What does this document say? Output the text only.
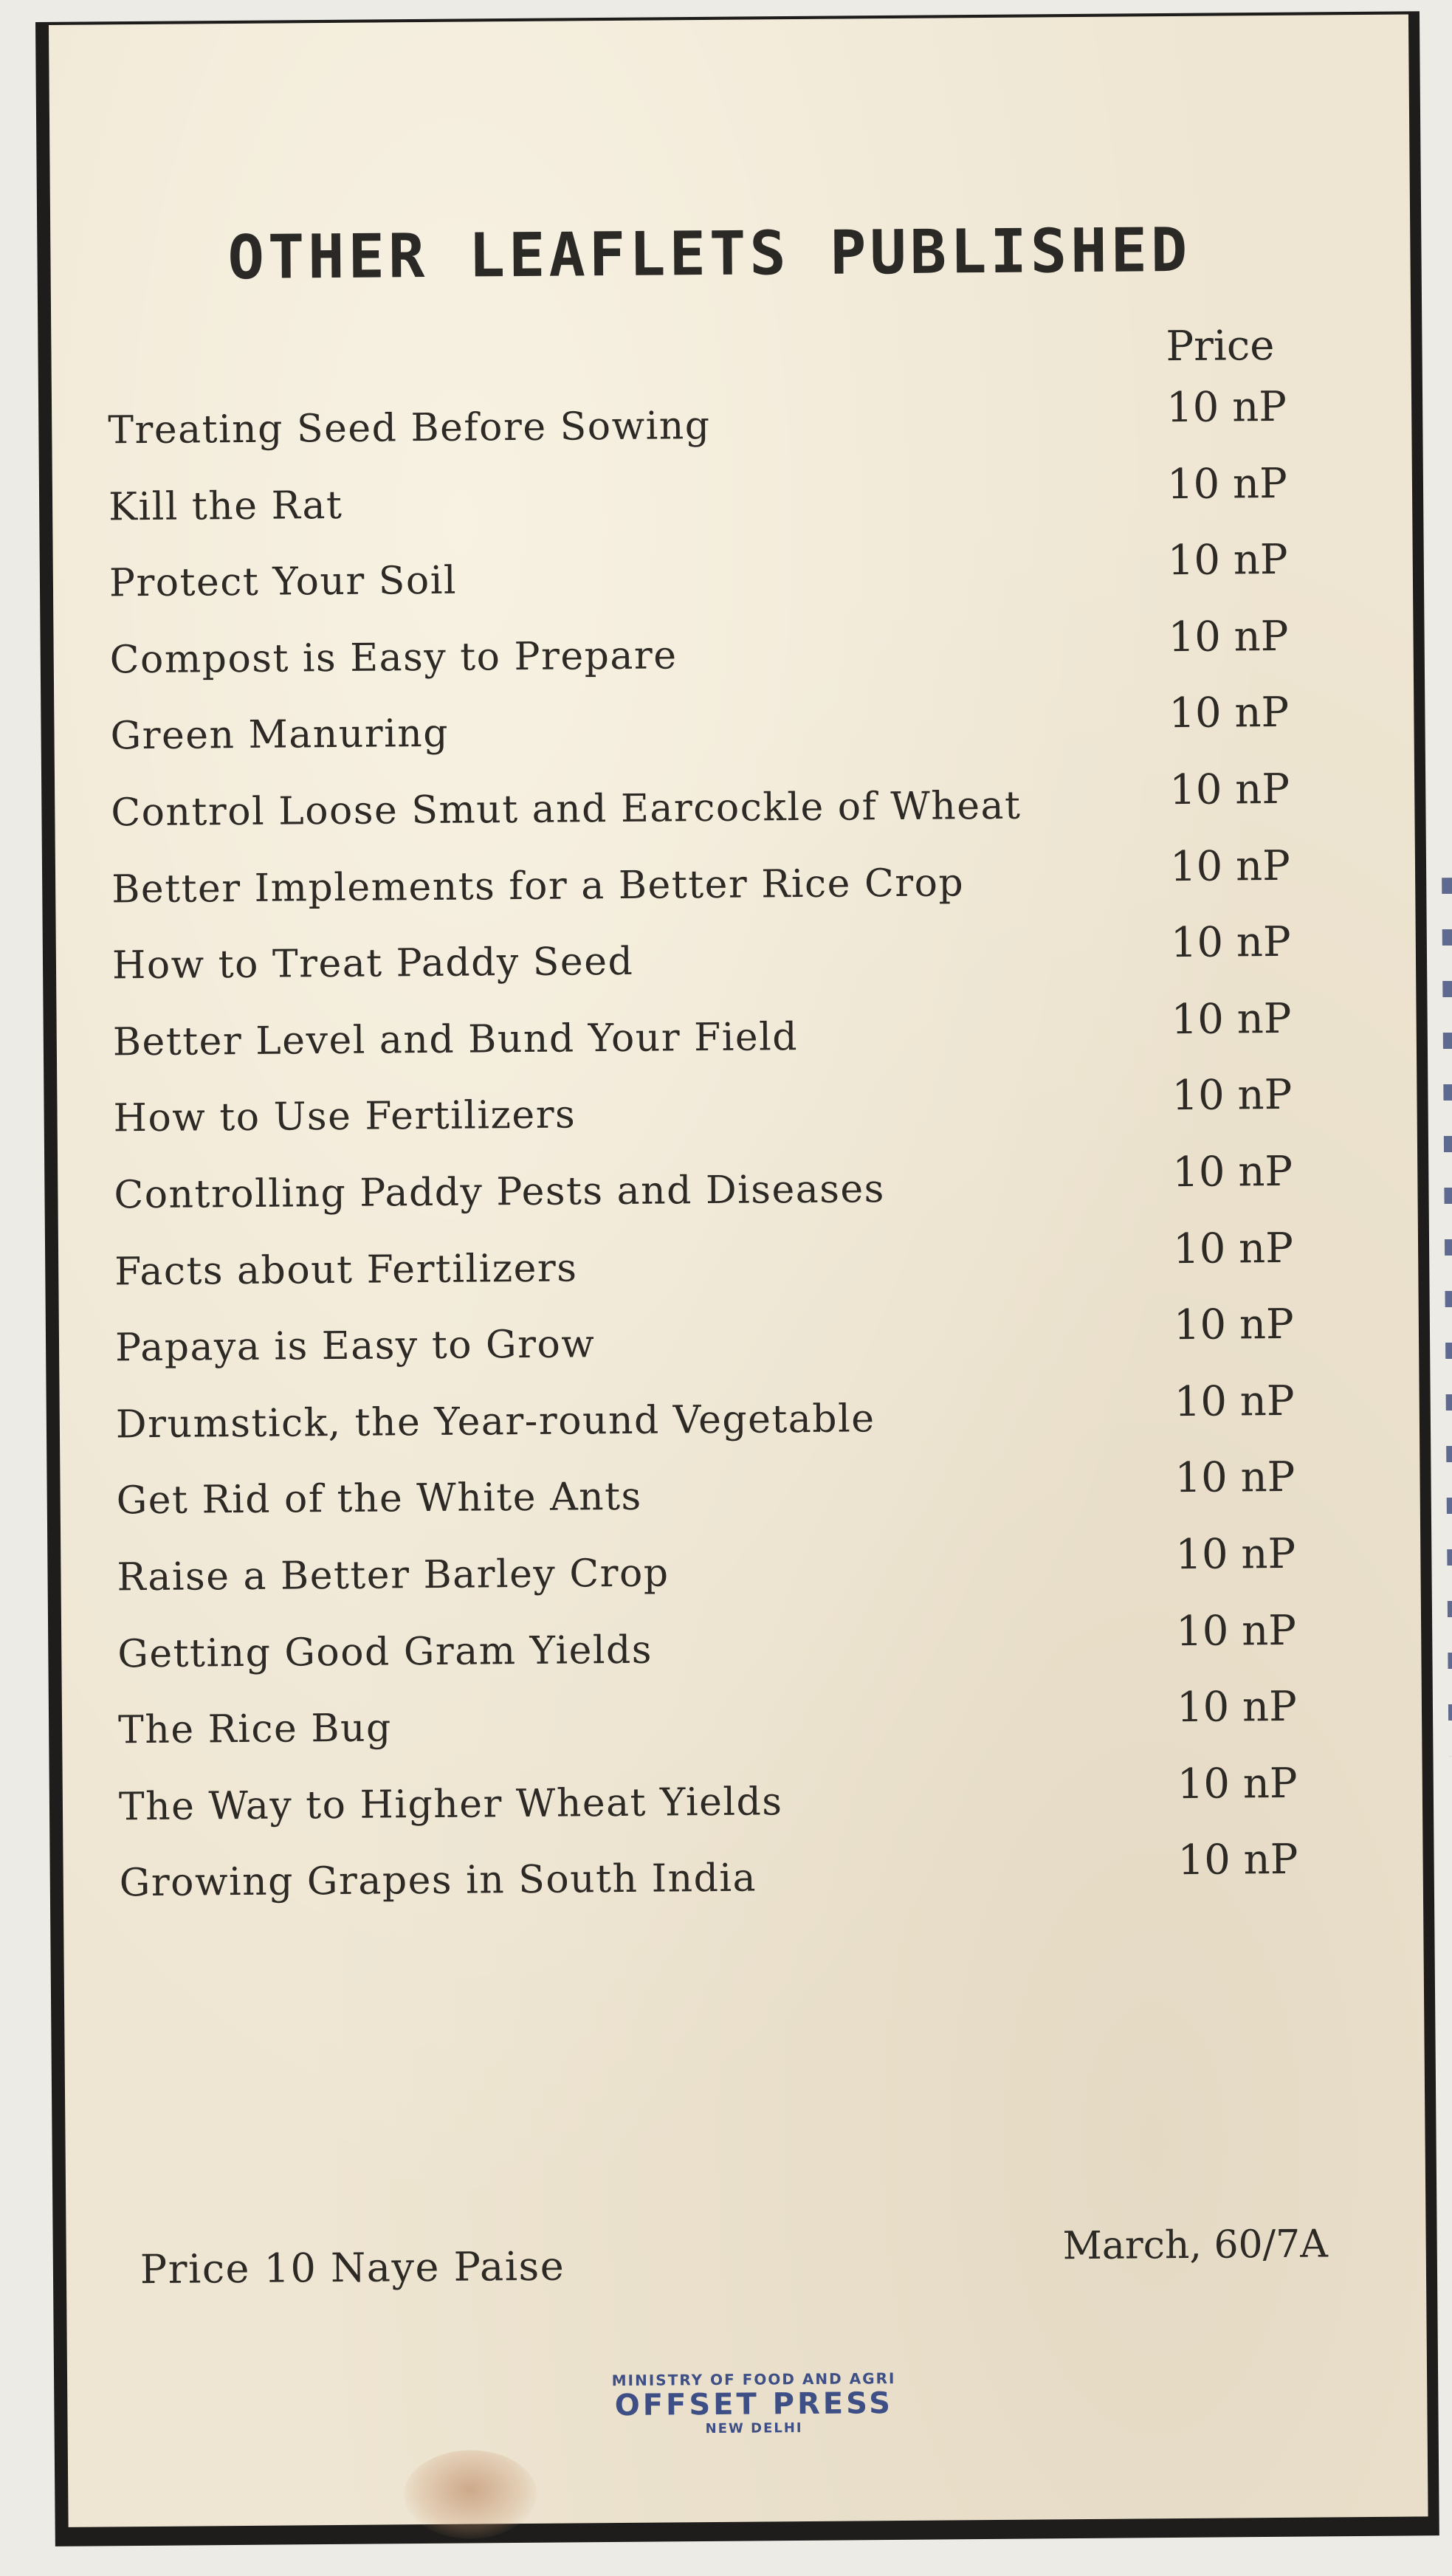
OTHER LEAFLETS PUBLISHED
Price
Treating Seed Before Sowing	10 nP
Kill the Rat	10 nP
Protect Your Soil	10 nP
Compost is Easy to Prepare	10 nP
Green Manuring	10 nP
Control Loose Smut and Earcockle of Wheat	10 nP
Better Implements for a Better Rice Crop	10 nP
How to Treat Paddy Seed	10 nP
Better Level and Bund Your Field	10 nP
How to Use Fertilizers	10 nP
Controlling Paddy Pests and Diseases	10 nP
Facts about Fertilizers	10 nP
Papaya is Easy to Grow	10 nP
Drumstick, the Year-round Vegetable	10 nP
Get Rid of the White Ants	10 nP
Raise a Better Barley Crop	10 nP
Getting Good Gram Yields	10 nP
The Rice Bug	10 nP
The Way to Higher Wheat Yields	10 nP
Growing Grapes in South India	10 nP
Price 10 Naye Paise	March, 60/7A
MINISTRY OF FOOD AND AGRI
OFFSET PRESS
NEW DELHI
